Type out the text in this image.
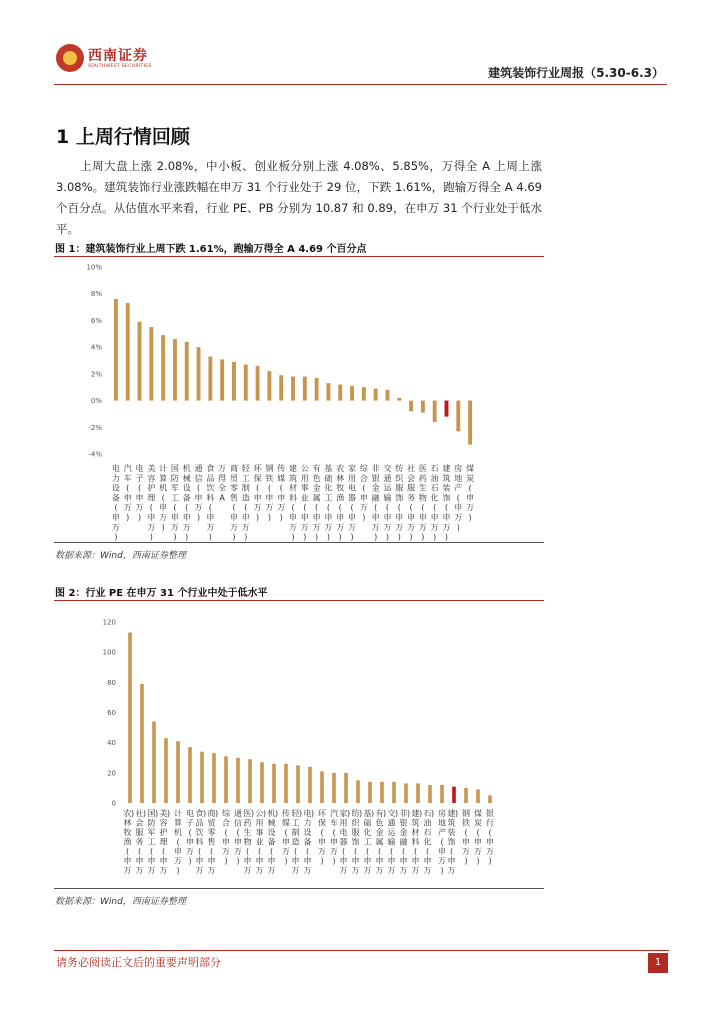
西南证券
SOUTHWEST SECURITIES	建筑装饰行业周报（5.30-6.3）
1 上周行情回顾

上周大盘上涨 2.08%，中小板、创业板分别上涨 4.08%、5.85%，万得全 A 上周上涨3.08%。建筑装饰行业涨跌幅在申万 31 个行业处于 29 位，下跌 1.61%，跑输万得全 A 4.69 个百分点。从估值水平来看，行业 PE、PB 分别为 10.87 和 0.89，在申万 31 个行业处于低水平。

图 1：建筑装饰行业上周下跌 1.61%，跑输万得全 A 4.69 个百分点
10%
8%
6%
4%
2%
0%
-2%
-4%
电
力
设
备
(
申
万
)
汽
车
(
申
万
)
电
子
(
申
万
)
美
容
护
理
(
申
万
)
计
算
机
(
申
万
)
国
防
军
工
(
申
万
)
机
械
设
备
(
申
万
)
通
信
(
申
万
)
食
品
饮
料
(
申
万
)
万
得
全
A
商
贸
零
售
(
申
万
)
轻
工
制
造
(
申
万
)
环
保
(
申
万
)
钢
铁
(
申
万
)
传
媒
(
申
万
)
建
筑
材
料
(
申
万
)
公
用
事
业
(
申
万
)
有
色
金
属
(
申
万
)
基
础
化
工
(
申
万
)
农
林
牧
渔
(
申
万
)
家
用
电
器
(
申
万
)
综
合
(
申
万
)
非
银
金
融
(
申
万
)
交
通
运
输
(
申
万
)
纺
织
服
饰
(
申
万
)
社
会
服
务
(
申
万
)
医
药
生
物
(
申
万
)
石
油
石
化
(
申
万
)
建
筑
装
饰
(
申
万
)
房
地
产
(
申
万
)
煤
炭
(
申
万
)
数据来源：Wind，西南证券整理
图 2：行业 PE 在申万 31 个行业中处于低水平
120
100
80
60
40
20
0
农
林
牧
渔
(
申
万
) 社
会
服
务
(
申
万
) 国
防
军
工
(
申
万
) 美
容
护
理
(
申
万
) 计
算
机
(
申
万
)
电
子
(
申
万
)
食
品
饮
料
(
申
万
) 商
贸
零
售
(
申
万
) 综
合
(
申
万
)
通
信
(
申
万
)
医
药
生
物
(
申
万
) 公
用
事
业
(
申
万
) 机
械
设
备
(
申
万
) 传
媒
(
申
万
)
轻
工
制
造
(
申
万
) 电
力
设
备
(
申
万
) 环
保
(
申
万
)
汽
车
(
申
万
)
家
用
电
器
(
申
万
) 纺
织
服
饰
(
申
万
) 基
础
化
工
(
申
万
) 有
色
金
属
(
申
万
) 交
通
运
输
(
申
万
) 非
银
金
融
(
申
万
) 建
筑
材
料
(
申
万
) 石
油
石
化
(
申
万
) 房
地
产
(
申
万
)
建
筑
装
饰
(
申
万
) 钢
铁
(
申
万
)
煤
炭
(
申
万
)
银
行
(
申
万
)
数据来源：Wind，西南证券整理
请务必阅读正文后的重要声明部分	1
